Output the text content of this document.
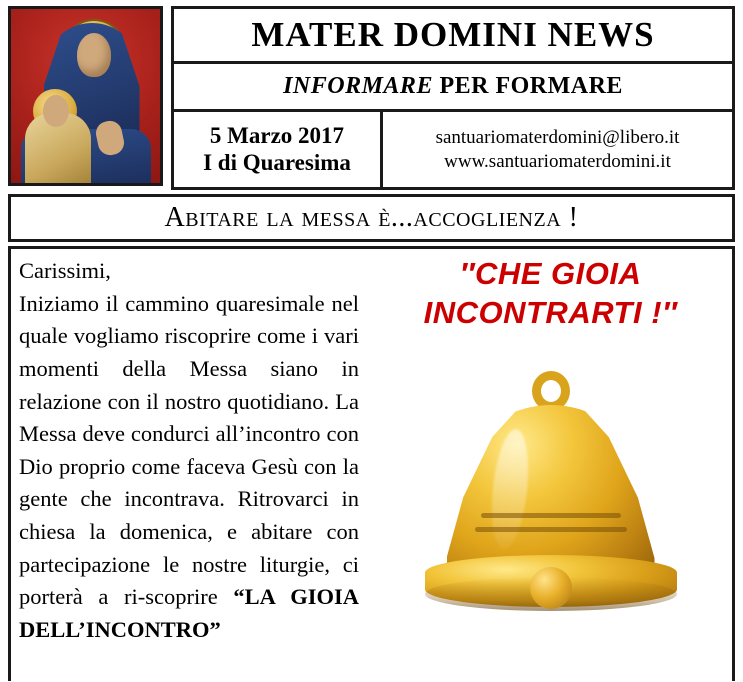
MATER DOMINI NEWS
INFORMARE PER FORMARE
5 Marzo 2017
I di Quaresima
santuariomaterdomini@libero.it
www.santuariomaterdomini.it
Abitare la messa è...accoglienza !

Carissimi,

Iniziamo il cammino quaresimale nel quale vogliamo riscoprire come i vari momenti della Messa siano in relazione con il nostro quotidiano. La Messa deve condurci all’incontro con Dio proprio come faceva Gesù con la gente che incontrava. Ritrovarci in chiesa la domenica, e abitare con partecipazione le nostre liturgie, ci porterà a ri-scoprire “LA GIOIA DELL’INCONTRO”

″CHE GIOIA
INCONTRARTI !″
